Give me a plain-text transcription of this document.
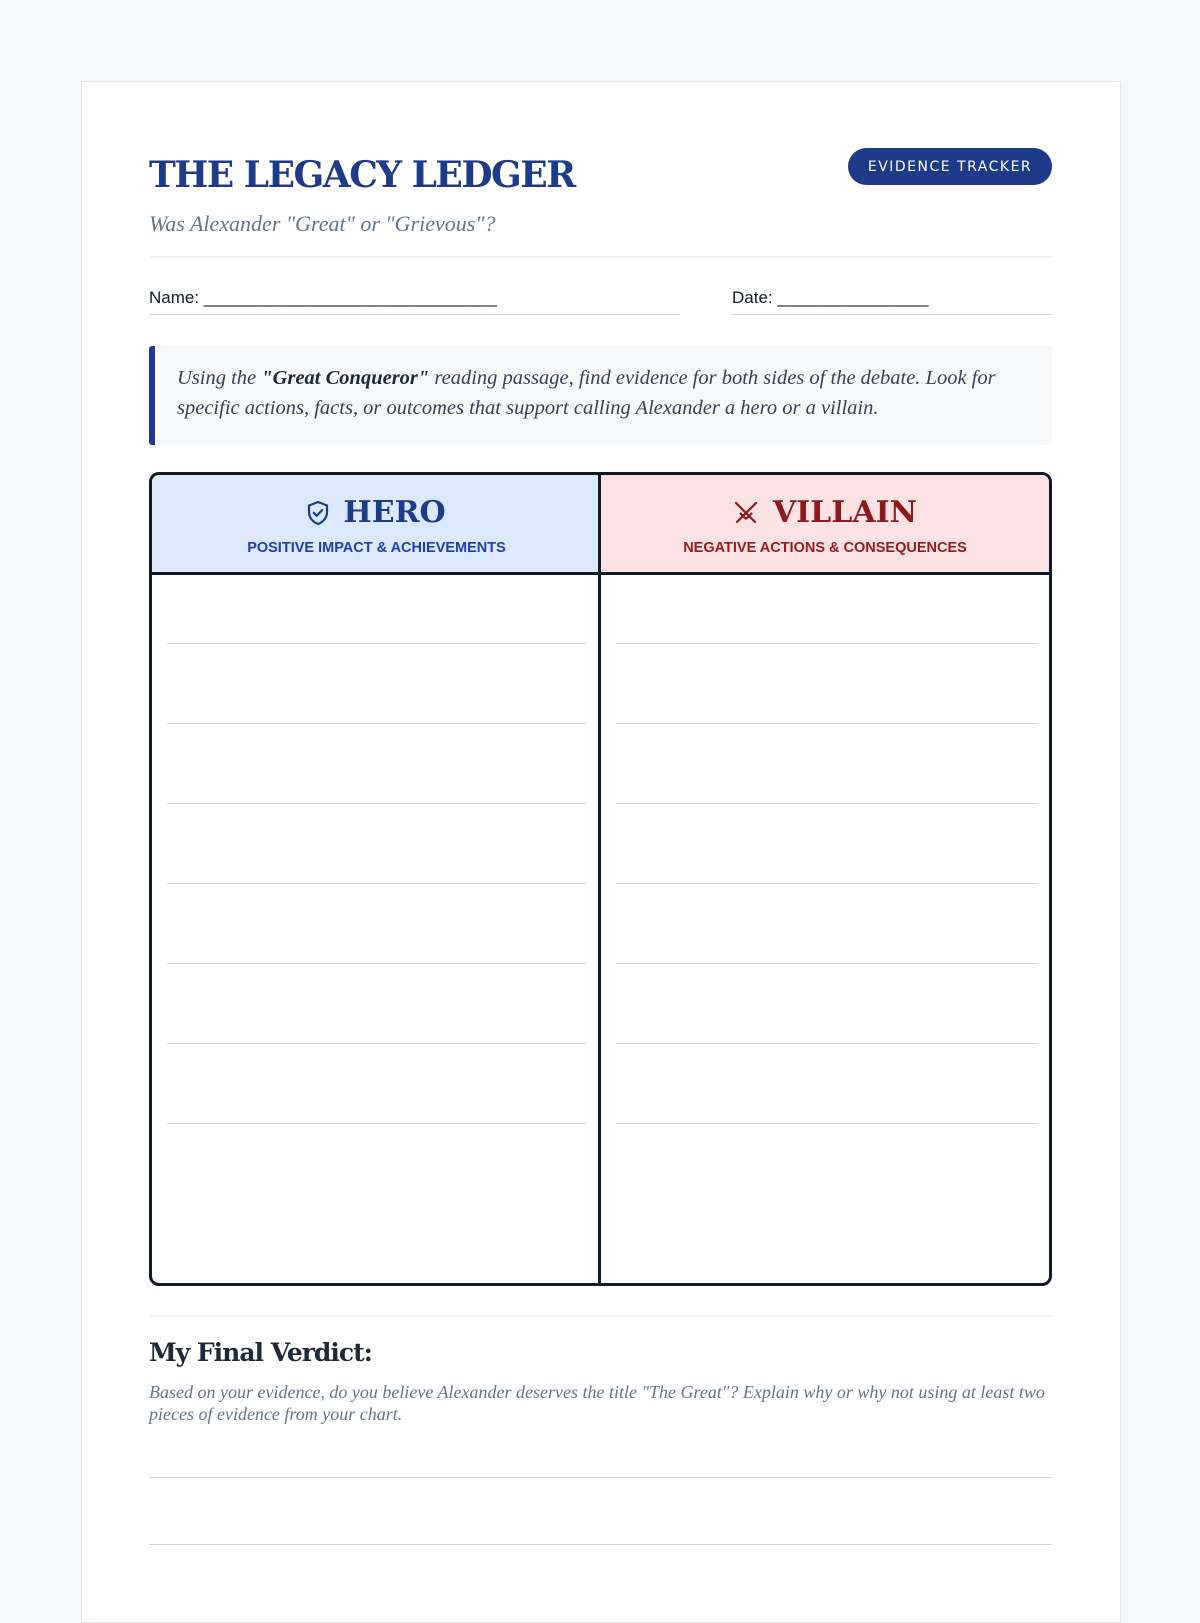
THE LEGACY LEDGER
Was Alexander "Great" or "Grievous"?
EVIDENCE TRACKER
Name: _______________________________	Date: ________________
Using the "Great Conqueror" reading passage, find evidence for both sides of the debate. Look for specific actions, facts, or outcomes that support calling Alexander a hero or a villain.
HERO
POSITIVE IMPACT & ACHIEVEMENTS
VILLAIN
NEGATIVE ACTIONS & CONSEQUENCES
My Final Verdict:
Based on your evidence, do you believe Alexander deserves the title "The Great"? Explain why or why not using at least two pieces of evidence from your chart.
